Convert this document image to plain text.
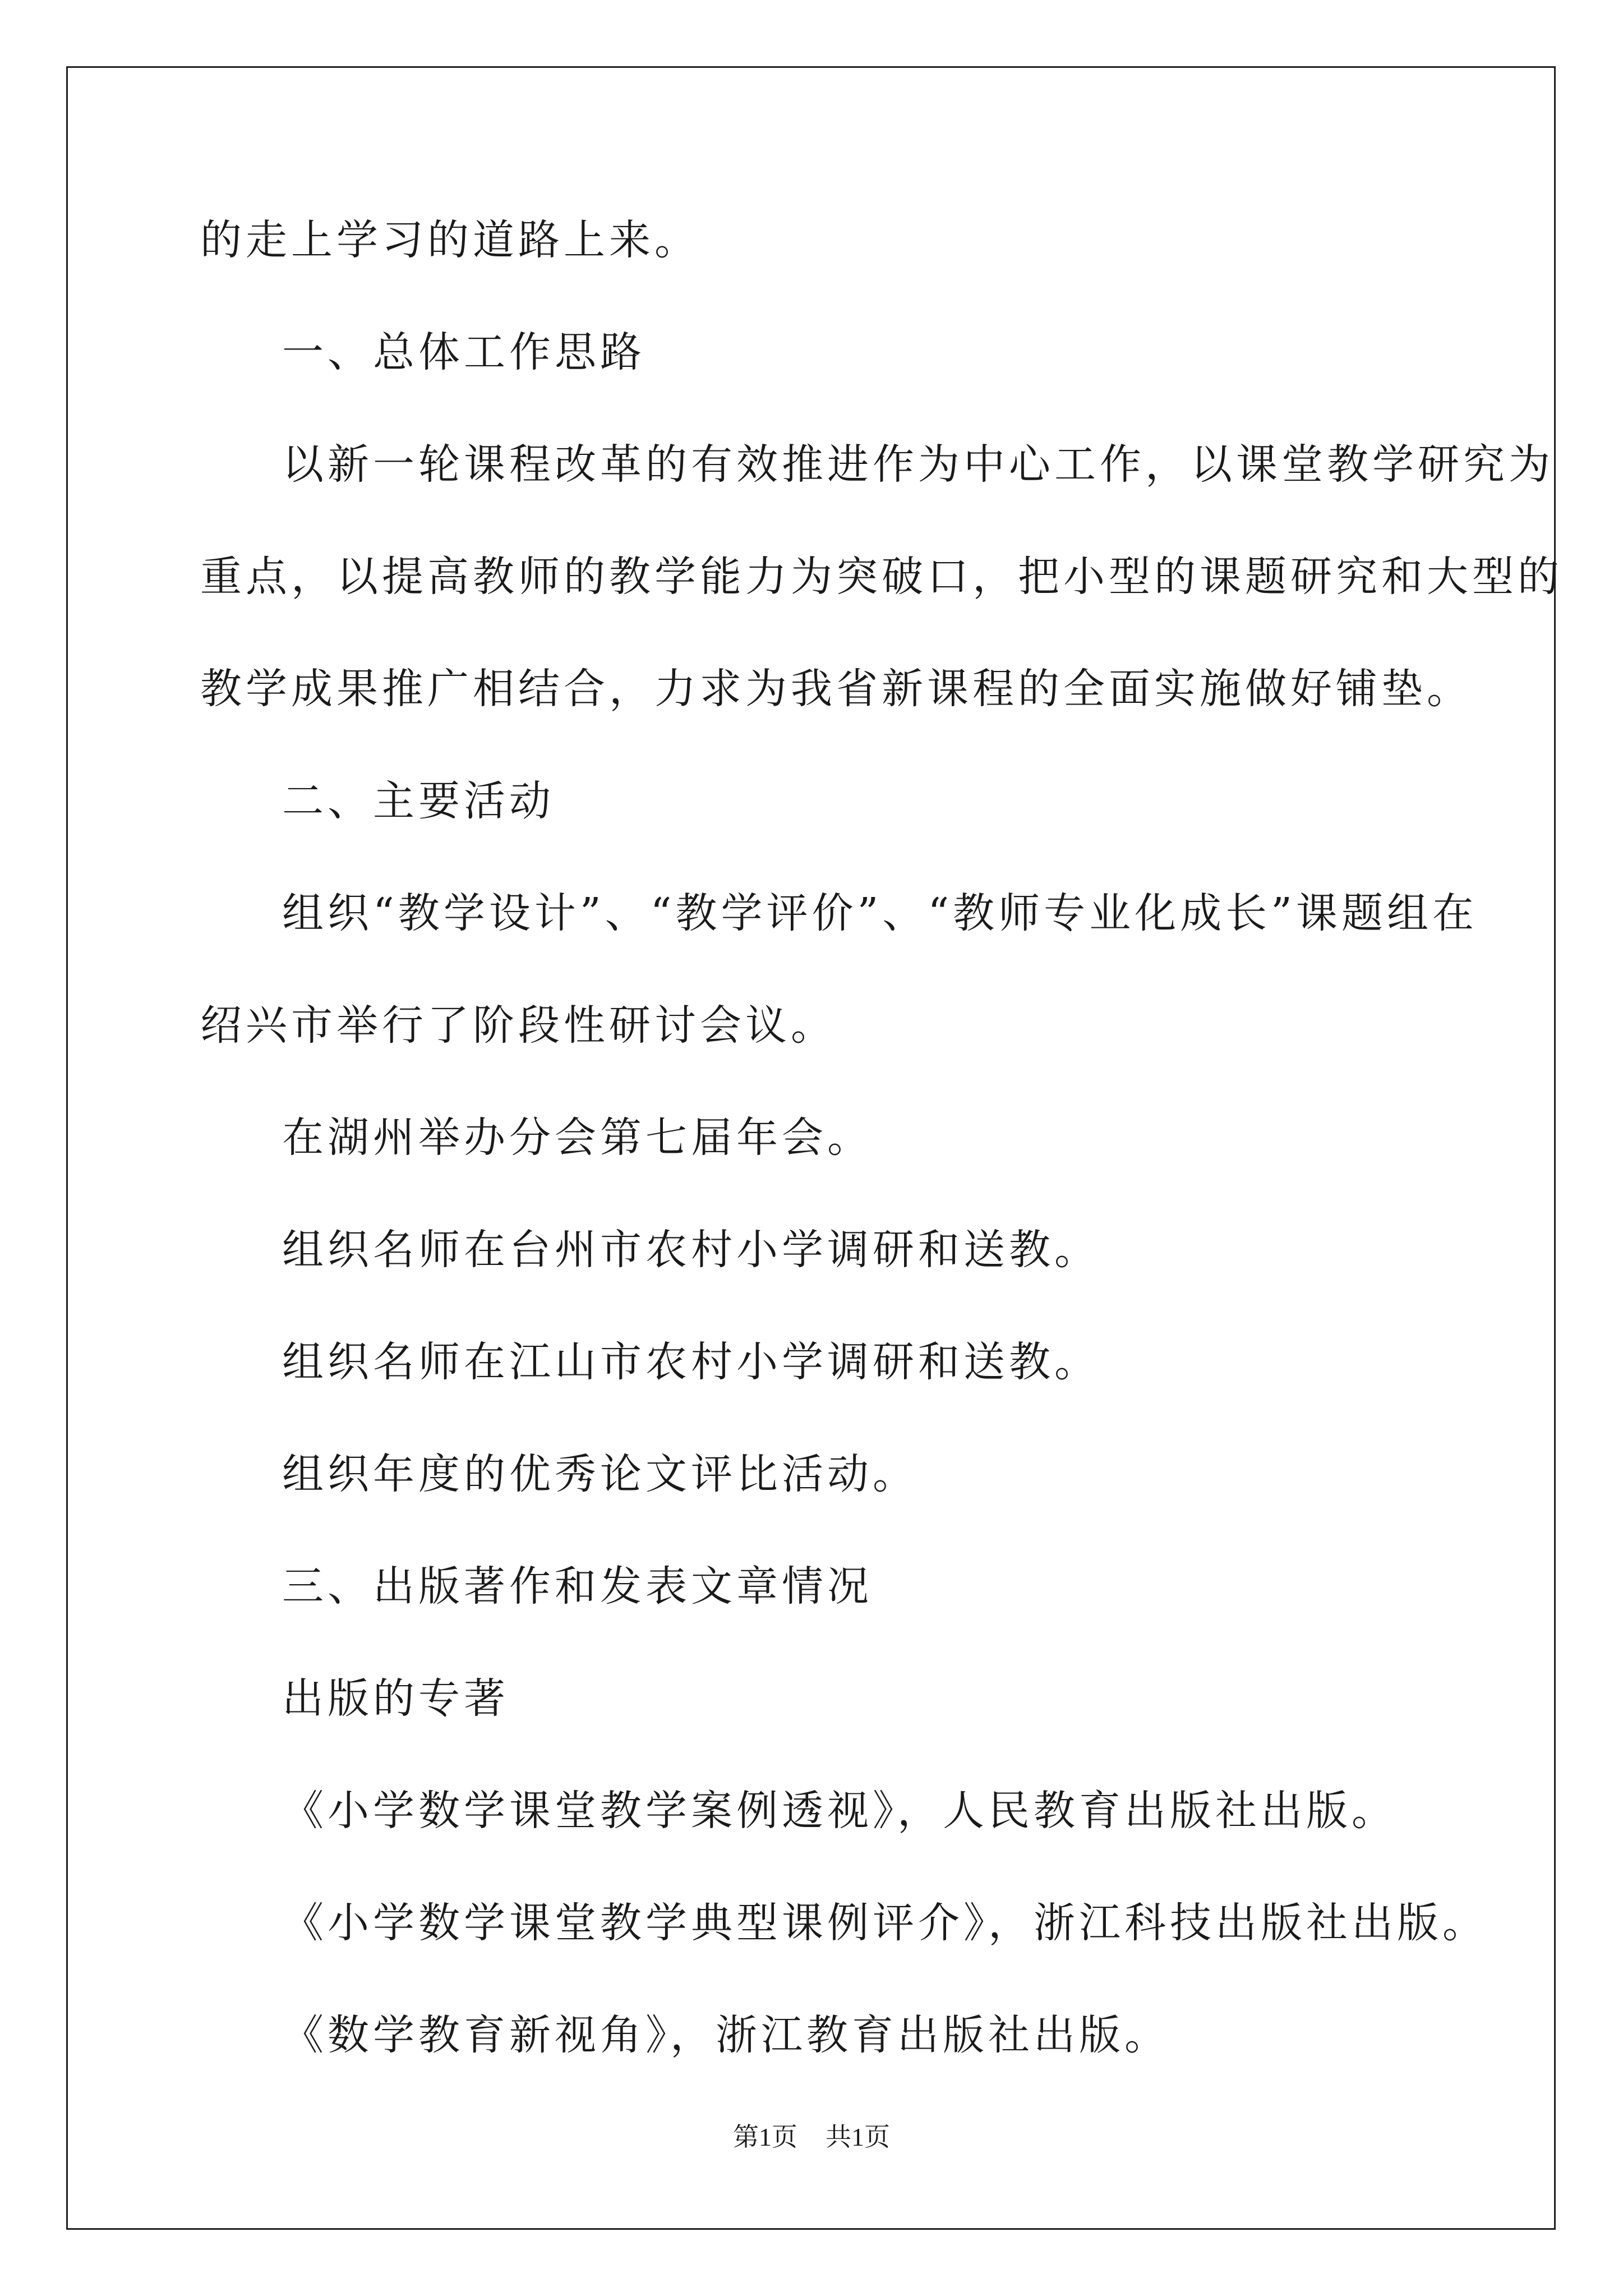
的走上学习的道路上来。
一、总体工作思路
以新一轮课程改革的有效推进作为中心工作，以课堂教学研究为
重点，以提高教师的教学能力为突破口，把小型的课题研究和大型的
教学成果推广相结合，力求为我省新课程的全面实施做好铺垫。
二、主要活动
组织“教学设计”、“教学评价”、“教师专业化成长”课题组在
绍兴市举行了阶段性研讨会议。
在湖州举办分会第七届年会。
组织名师在台州市农村小学调研和送教。
组织名师在江山市农村小学调研和送教。
组织年度的优秀论文评比活动。
三、出版著作和发表文章情况
出版的专著
《小学数学课堂教学案例透视》，人民教育出版社出版。
《小学数学课堂教学典型课例评介》，浙江科技出版社出版。
《数学教育新视角》，浙江教育出版社出版。
第1页 共1页
